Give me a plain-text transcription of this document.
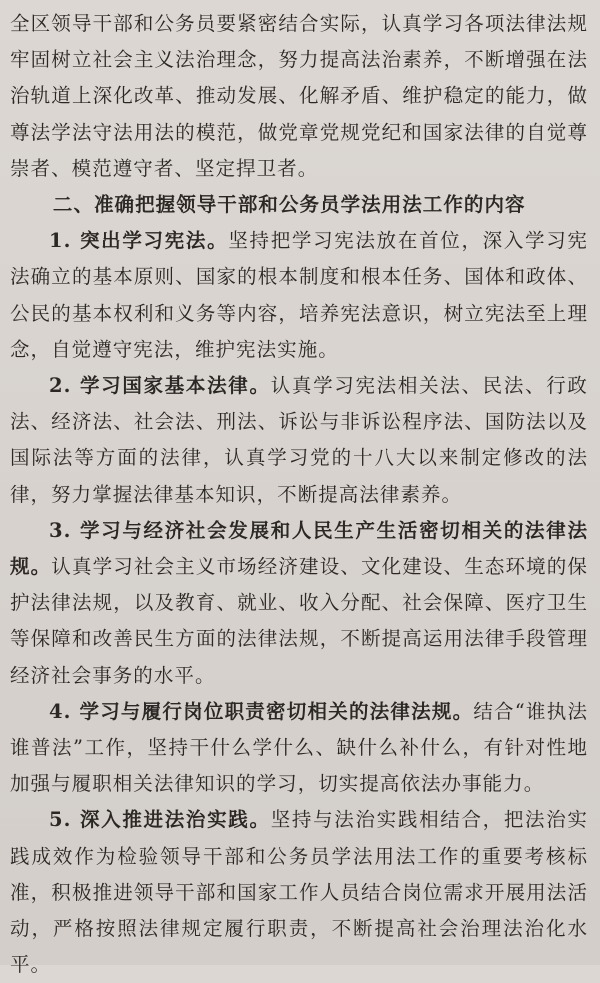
全区领导干部和公务员要紧密结合实际，认真学习各项法律法规牢固树立社会主义法治理念，努力提高法治素养，不断增强在法治轨道上深化改革、推动发展、化解矛盾、维护稳定的能力，做尊法学法守法用法的模范，做党章党规党纪和国家法律的自觉尊崇者、模范遵守者、坚定捍卫者。

二、准确把握领导干部和公务员学法用法工作的内容

1. 突出学习宪法。坚持把学习宪法放在首位，深入学习宪法确立的基本原则、国家的根本制度和根本任务、国体和政体、公民的基本权利和义务等内容，培养宪法意识，树立宪法至上理念，自觉遵守宪法，维护宪法实施。

2. 学习国家基本法律。认真学习宪法相关法、民法、行政法、经济法、社会法、刑法、诉讼与非诉讼程序法、国防法以及国际法等方面的法律，认真学习党的十八大以来制定修改的法律，努力掌握法律基本知识，不断提高法律素养。

3. 学习与经济社会发展和人民生产生活密切相关的法律法规。认真学习社会主义市场经济建设、文化建设、生态环境的保护法律法规，以及教育、就业、收入分配、社会保障、医疗卫生等保障和改善民生方面的法律法规，不断提高运用法律手段管理经济社会事务的水平。

4. 学习与履行岗位职责密切相关的法律法规。结合“谁执法谁普法”工作，坚持干什么学什么、缺什么补什么，有针对性地加强与履职相关法律知识的学习，切实提高依法办事能力。

5. 深入推进法治实践。坚持与法治实践相结合，把法治实践成效作为检验领导干部和公务员学法用法工作的重要考核标准，积极推进领导干部和国家工作人员结合岗位需求开展用法活动，严格按照法律规定履行职责，不断提高社会治理法治化水平。
